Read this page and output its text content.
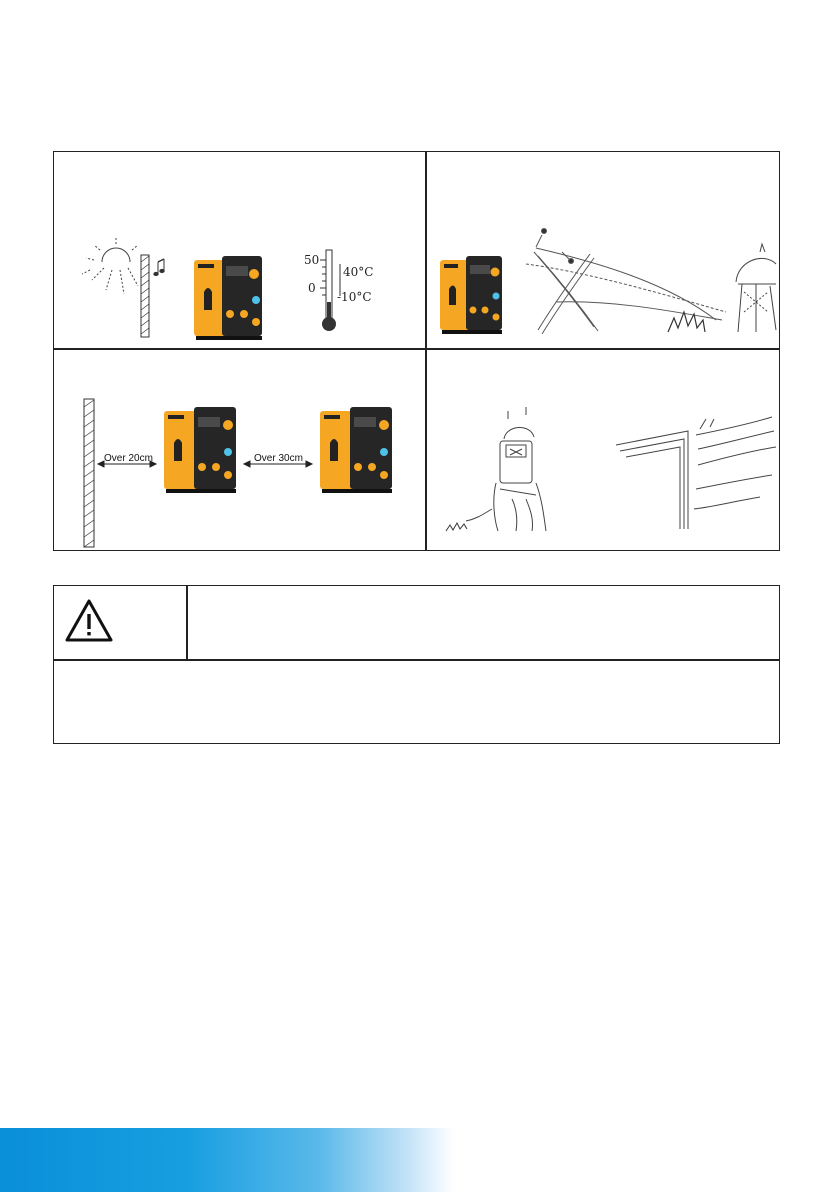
50
0
40°C
-10°C
Over 20cm	Over 30cm
